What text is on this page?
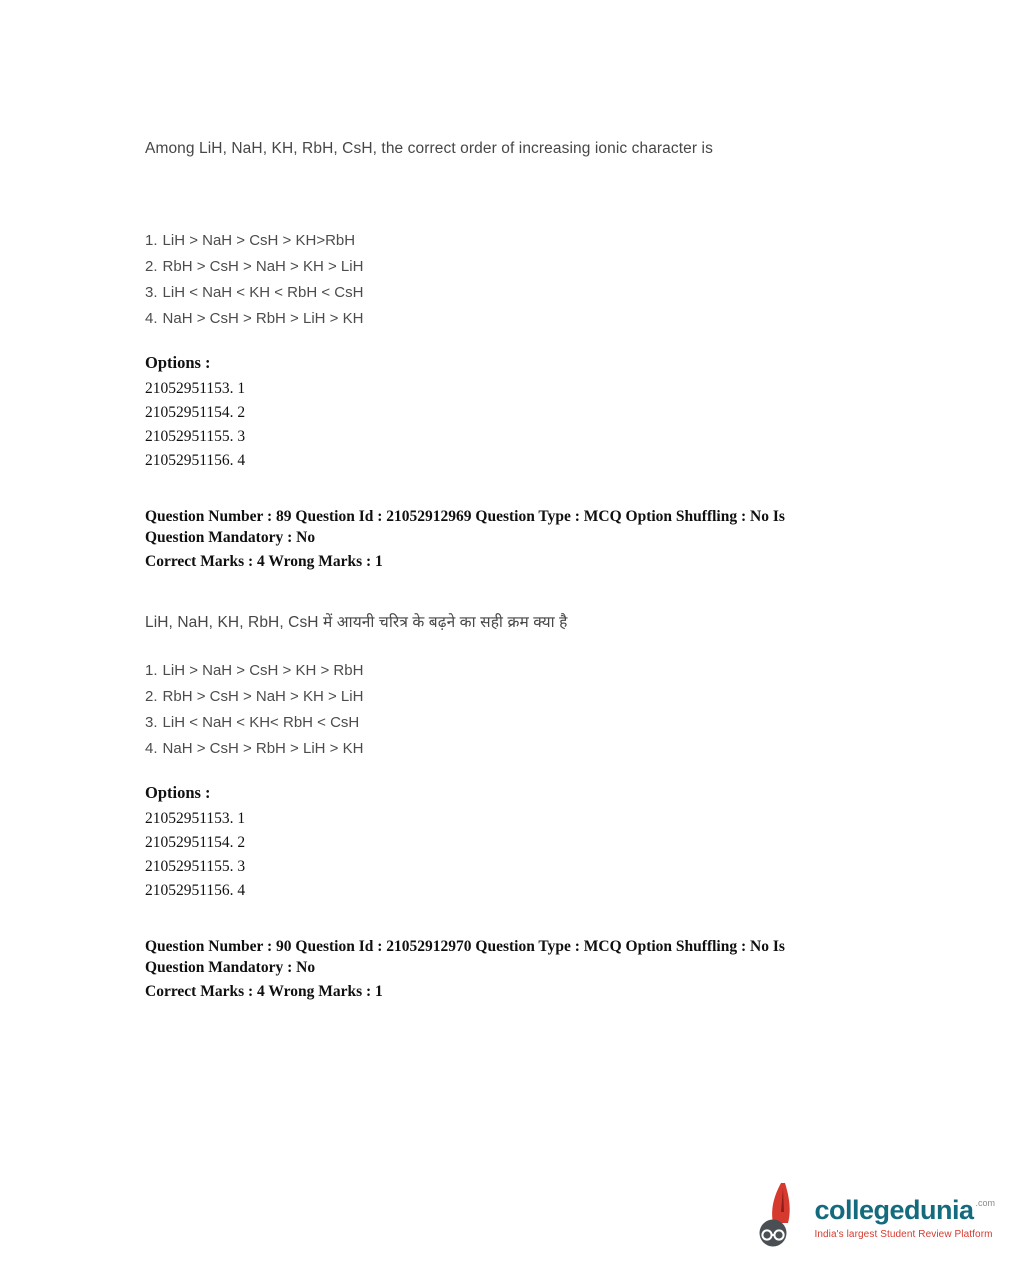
Among LiH, NaH, KH, RbH, CsH, the correct order of increasing ionic character is

1. LiH > NaH > CsH > KH>RbH
2. RbH > CsH > NaH > KH > LiH
3. LiH < NaH < KH < RbH < CsH
4. NaH > CsH > RbH > LiH > KH

Options :

21052951153. 1
21052951154. 2
21052951155. 3
21052951156. 4
Question Number : 89 Question Id : 21052912969 Question Type : MCQ Option Shuffling : No Is
Question Mandatory : No
Correct Marks : 4 Wrong Marks : 1

LiH, NaH, KH, RbH, CsH में आयनी चरित्र के बढ़ने का सही क्रम क्या है

1. LiH > NaH > CsH > KH > RbH
2. RbH > CsH > NaH > KH > LiH
3. LiH < NaH < KH< RbH < CsH
4. NaH > CsH > RbH > LiH > KH

Options :

21052951153. 1
21052951154. 2
21052951155. 3
21052951156. 4
Question Number : 90 Question Id : 21052912970 Question Type : MCQ Option Shuffling : No Is
Question Mandatory : No
Correct Marks : 4 Wrong Marks : 1
collegedunia .com
India's largest Student Review Platform
